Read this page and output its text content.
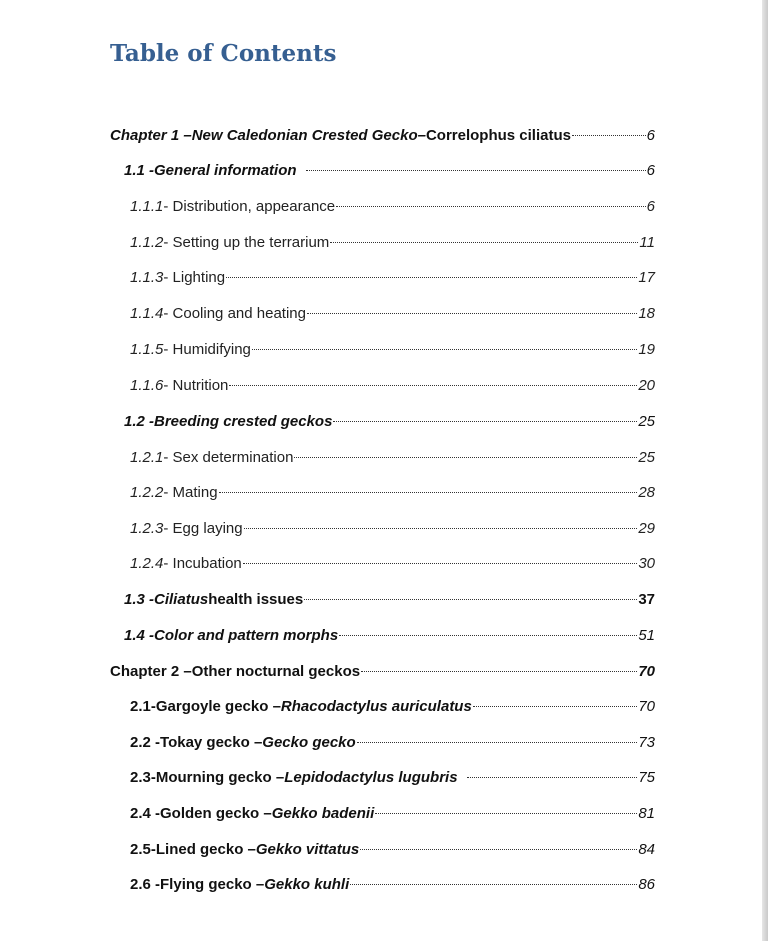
Table of Contents
Chapter 1 – New Caledonian Crested Gecko – Correlophus ciliatus	6
1.1 - General information	6
1.1.1 - Distribution, appearance	6
1.1.2 - Setting up the terrarium	11
1.1.3 - Lighting	17
1.1.4 - Cooling and heating	18
1.1.5 - Humidifying	19
1.1.6 - Nutrition	20
1.2 - Breeding crested geckos	25
1.2.1 - Sex determination	25
1.2.2 - Mating	28
1.2.3 - Egg laying	29
1.2.4 - Incubation	30
1.3 - Ciliatus health issues	37
1.4 - Color and pattern morphs	51
Chapter 2 – Other nocturnal geckos	70
2.1- Gargoyle gecko – Rhacodactylus auriculatus	70
2.2 - Tokay gecko – Gecko gecko	73
2.3- Mourning gecko – Lepidodactylus lugubris	75
2.4 - Golden gecko – Gekko badenii	81
2.5- Lined gecko – Gekko vittatus	84
2.6 - Flying gecko – Gekko kuhli	86
